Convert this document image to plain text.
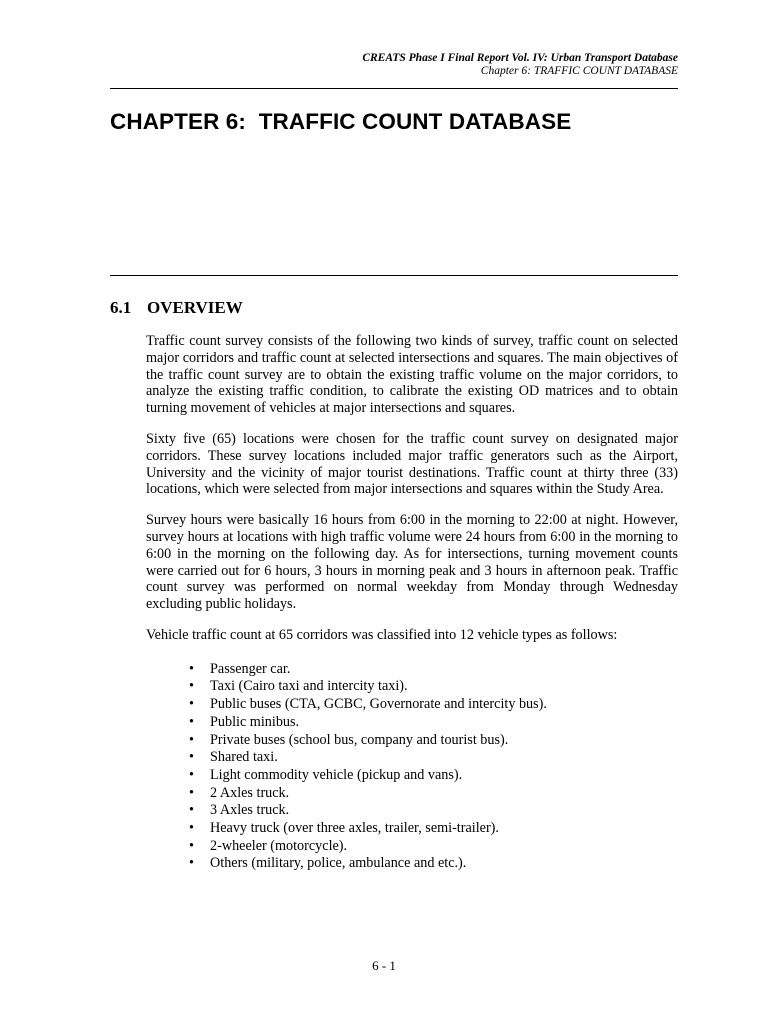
CREATS Phase I Final Report Vol. IV: Urban Transport Database
Chapter 6: TRAFFIC COUNT DATABASE
CHAPTER 6:  TRAFFIC COUNT DATABASE
6.1 OVERVIEW

Traffic count survey consists of the following two kinds of survey, traffic count on selected major corridors and traffic count at selected intersections and squares. The main objectives of the traffic count survey are to obtain the existing traffic volume on the major corridors, to analyze the existing traffic condition, to calibrate the existing OD matrices and to obtain turning movement of vehicles at major intersections and squares.

Sixty five (65) locations were chosen for the traffic count survey on designated major corridors. These survey locations included major traffic generators such as the Airport, University and the vicinity of major tourist destinations. Traffic count at thirty three (33) locations, which were selected from major intersections and squares within the Study Area.

Survey hours were basically 16 hours from 6:00 in the morning to 22:00 at night. However, survey hours at locations with high traffic volume were 24 hours from 6:00 in the morning to 6:00 in the morning on the following day. As for intersections, turning movement counts were carried out for 6 hours, 3 hours in morning peak and 3 hours in afternoon peak. Traffic count survey was performed on normal weekday from Monday through Wednesday excluding public holidays.

Vehicle traffic count at 65 corridors was classified into 12 vehicle types as follows:

• Passenger car.
• Taxi (Cairo taxi and intercity taxi).
• Public buses (CTA, GCBC, Governorate and intercity bus).
• Public minibus.
• Private buses (school bus, company and tourist bus).
• Shared taxi.
• Light commodity vehicle (pickup and vans).
• 2 Axles truck.
• 3 Axles truck.
• Heavy truck (over three axles, trailer, semi-trailer).
• 2-wheeler (motorcycle).
• Others (military, police, ambulance and etc.).
6 - 1
